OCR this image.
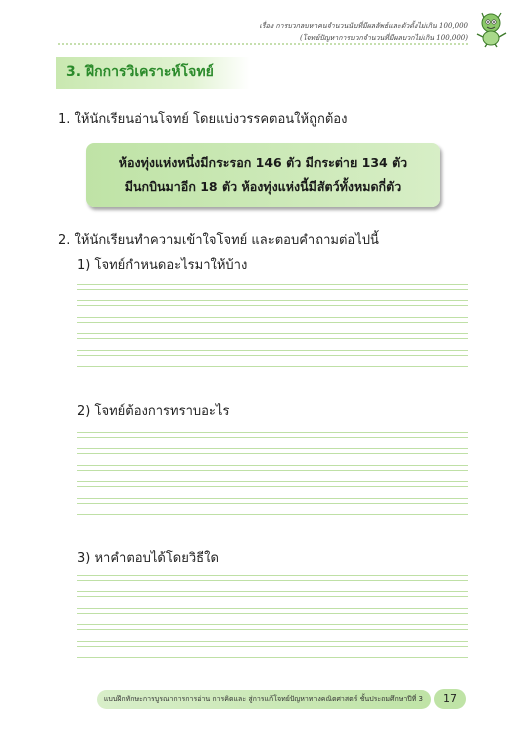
เรื่อง การบวกลบหาคนจำนวนนับที่มีผลลัพธ์และตัวตั้งไม่เกิน 100,000
(โจทย์ปัญหาการบวกจำนวนที่มีผลบวกไม่เกิน 100,000)
3. ฝึกการวิเคราะห์โจทย์
1. ให้นักเรียนอ่านโจทย์ โดยแบ่งวรรคตอนให้ถูกต้อง
ห้องทุ่งแห่งหนึ่งมีกระรอก 146 ตัว มีกระต่าย 134 ตัว
มีนกบินมาอีก 18 ตัว ห้องทุ่งแห่งนี้มีสัตว์ทั้งหมดกี่ตัว
2. ให้นักเรียนทำความเข้าใจโจทย์ และตอบคำถามต่อไปนี้
1) โจทย์กำหนดอะไรมาให้บ้าง
2) โจทย์ต้องการทราบอะไร
3) หาคำตอบได้โดยวิธีใด
แบบฝึกทักษะการบูรณาการการอ่าน การคิดและ สู่การแก้โจทย์ปัญหาทางคณิตศาสตร์ ชั้นประถมศึกษาปีที่ 3	17
